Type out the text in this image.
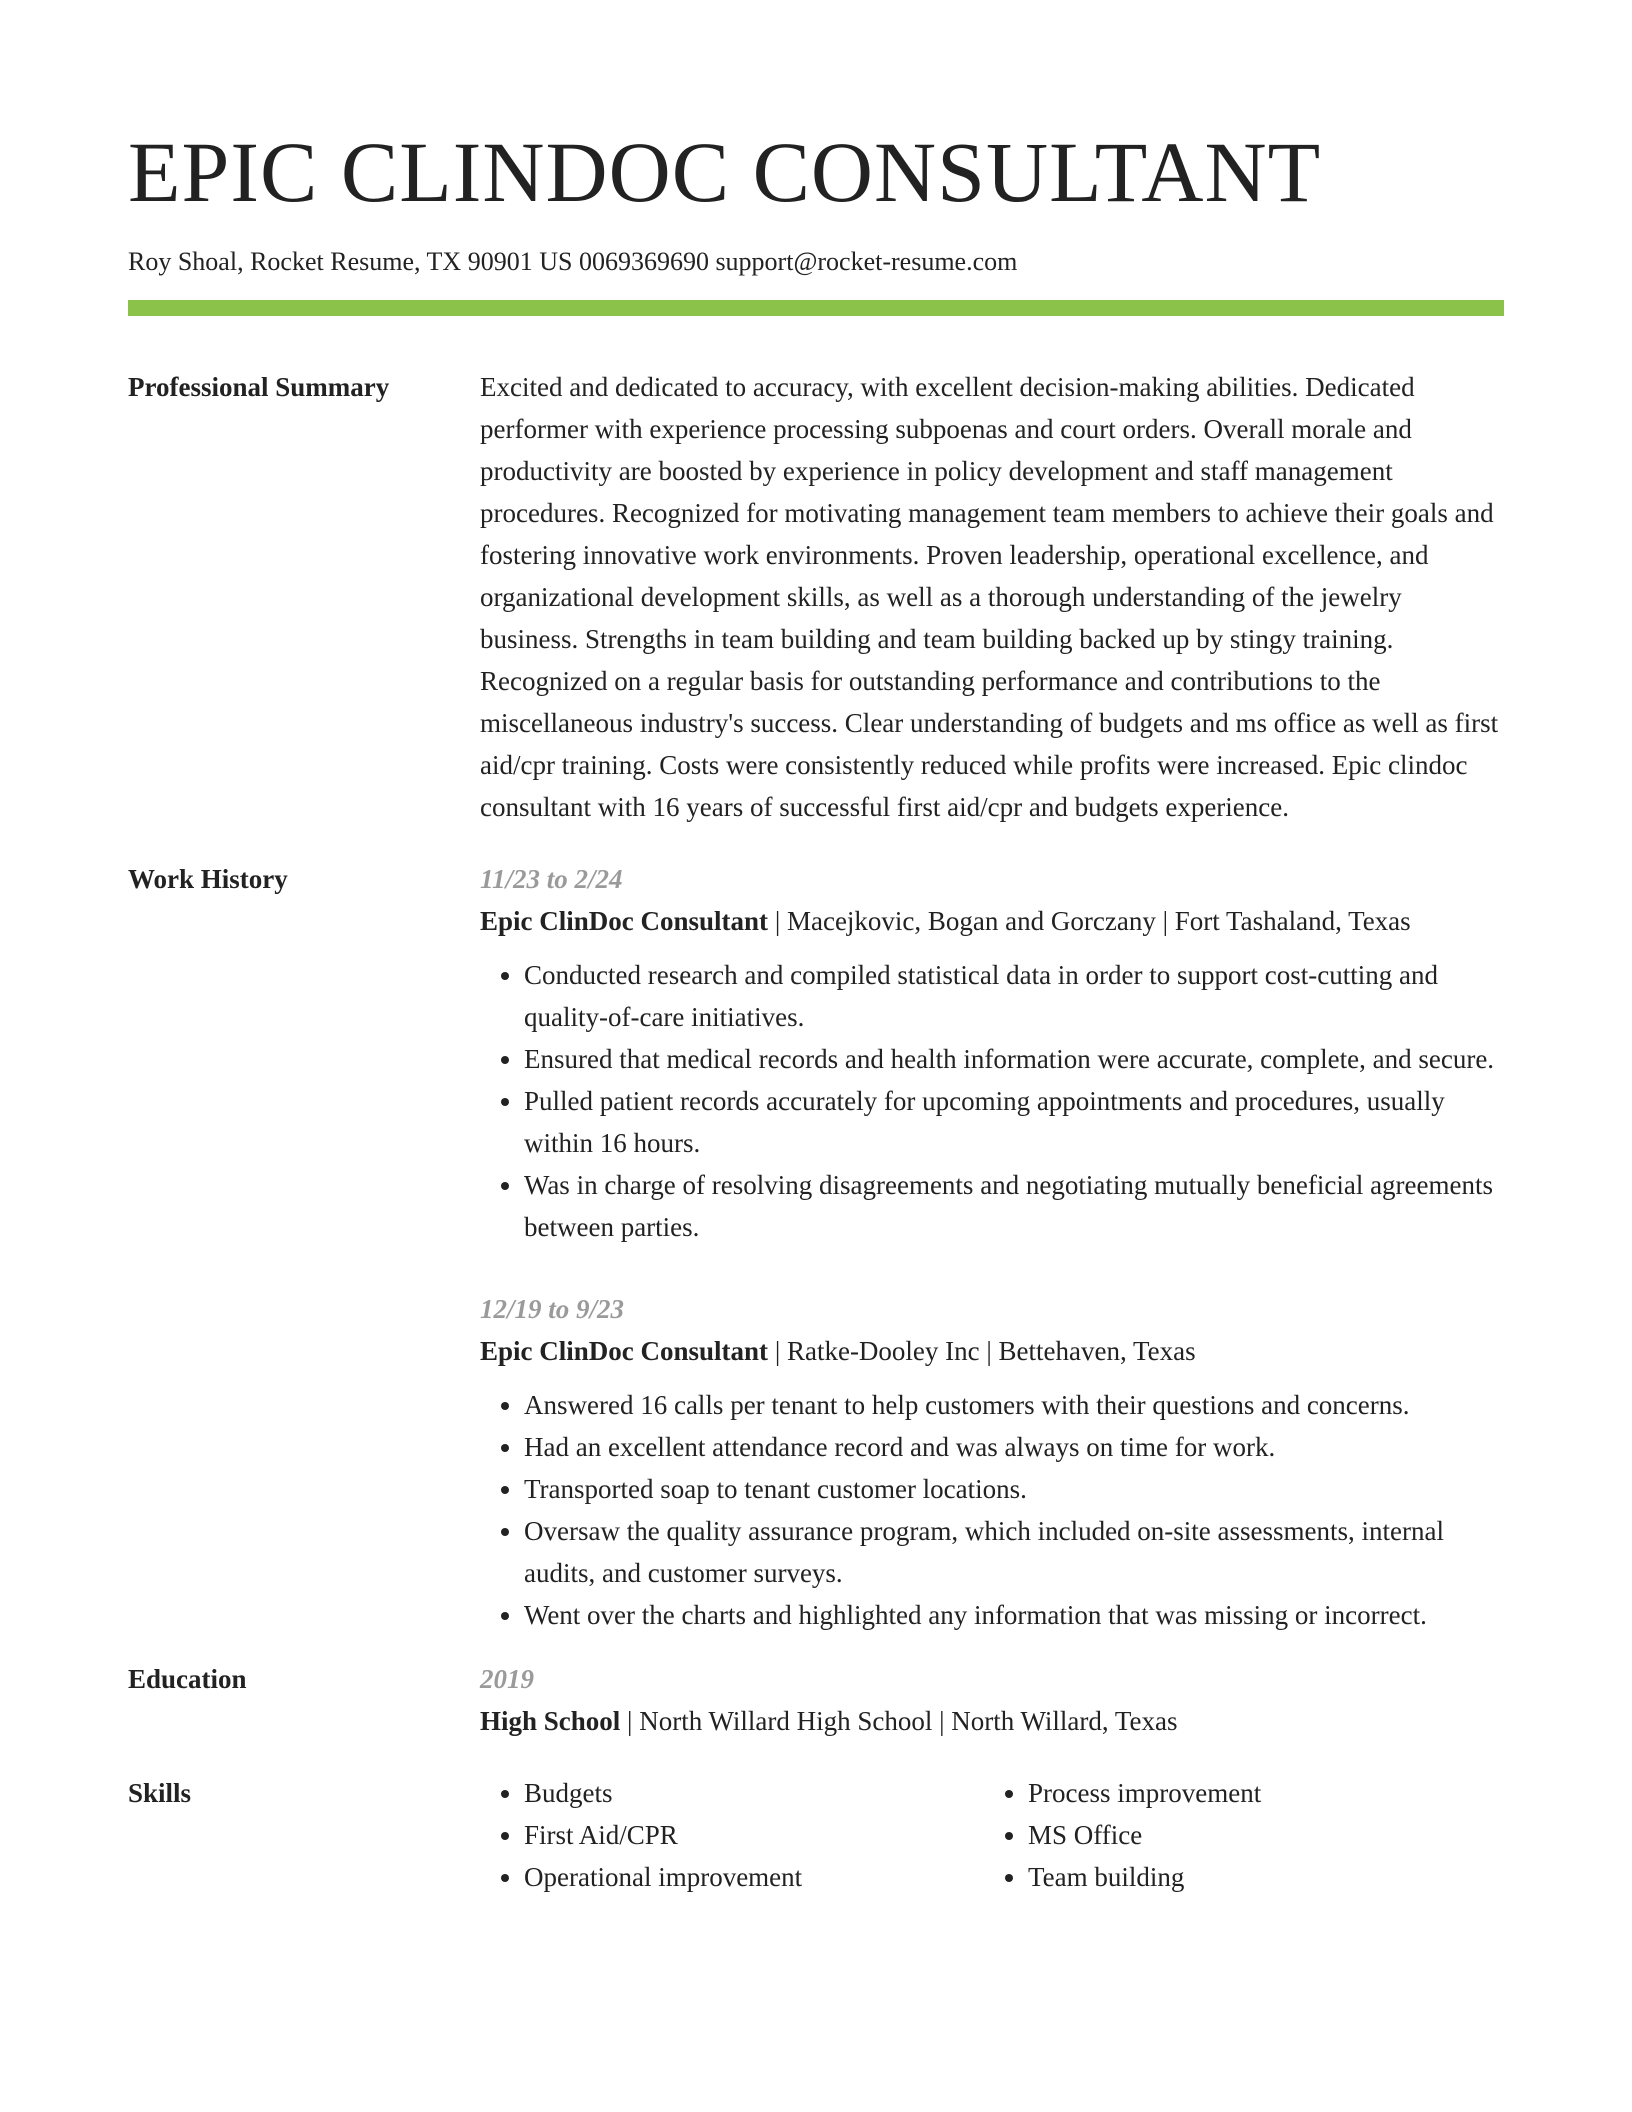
EPIC CLINDOC CONSULTANT
Roy Shoal, Rocket Resume, TX 90901 US 0069369690 support@rocket-resume.com
Professional Summary	Excited and dedicated to accuracy, with excellent decision-making abilities. Dedicated performer with experience processing subpoenas and court orders. Overall morale and productivity are boosted by experience in policy development and staff management procedures. Recognized for motivating management team members to achieve their goals and fostering innovative work environments. Proven leadership, operational excellence, and organizational development skills, as well as a thorough understanding of the jewelry business. Strengths in team building and team building backed up by stingy training. Recognized on a regular basis for outstanding performance and contributions to the miscellaneous industry's success. Clear understanding of budgets and ms office as well as first aid/cpr training. Costs were consistently reduced while profits were increased. Epic clindoc consultant with 16 years of successful first aid/cpr and budgets experience.

Work History	11/23 to 2/24
Epic ClinDoc Consultant | Macejkovic, Bogan and Gorczany | Fort Tashaland, Texas
• Conducted research and compiled statistical data in order to support cost-cutting and quality-of-care initiatives.
• Ensured that medical records and health information were accurate, complete, and secure.
• Pulled patient records accurately for upcoming appointments and procedures, usually within 16 hours.
• Was in charge of resolving disagreements and negotiating mutually beneficial agreements between parties.
12/19 to 9/23
Epic ClinDoc Consultant | Ratke-Dooley Inc | Bettehaven, Texas
• Answered 16 calls per tenant to help customers with their questions and concerns.
• Had an excellent attendance record and was always on time for work.
• Transported soap to tenant customer locations.
• Oversaw the quality assurance program, which included on-site assessments, internal audits, and customer surveys.
• Went over the charts and highlighted any information that was missing or incorrect.
Education	2019
High School | North Willard High School | North Willard, Texas
Skills
•	Budgets
• First Aid/CPR
• Operational improvement
• Process improvement
• MS Office
• Team building
